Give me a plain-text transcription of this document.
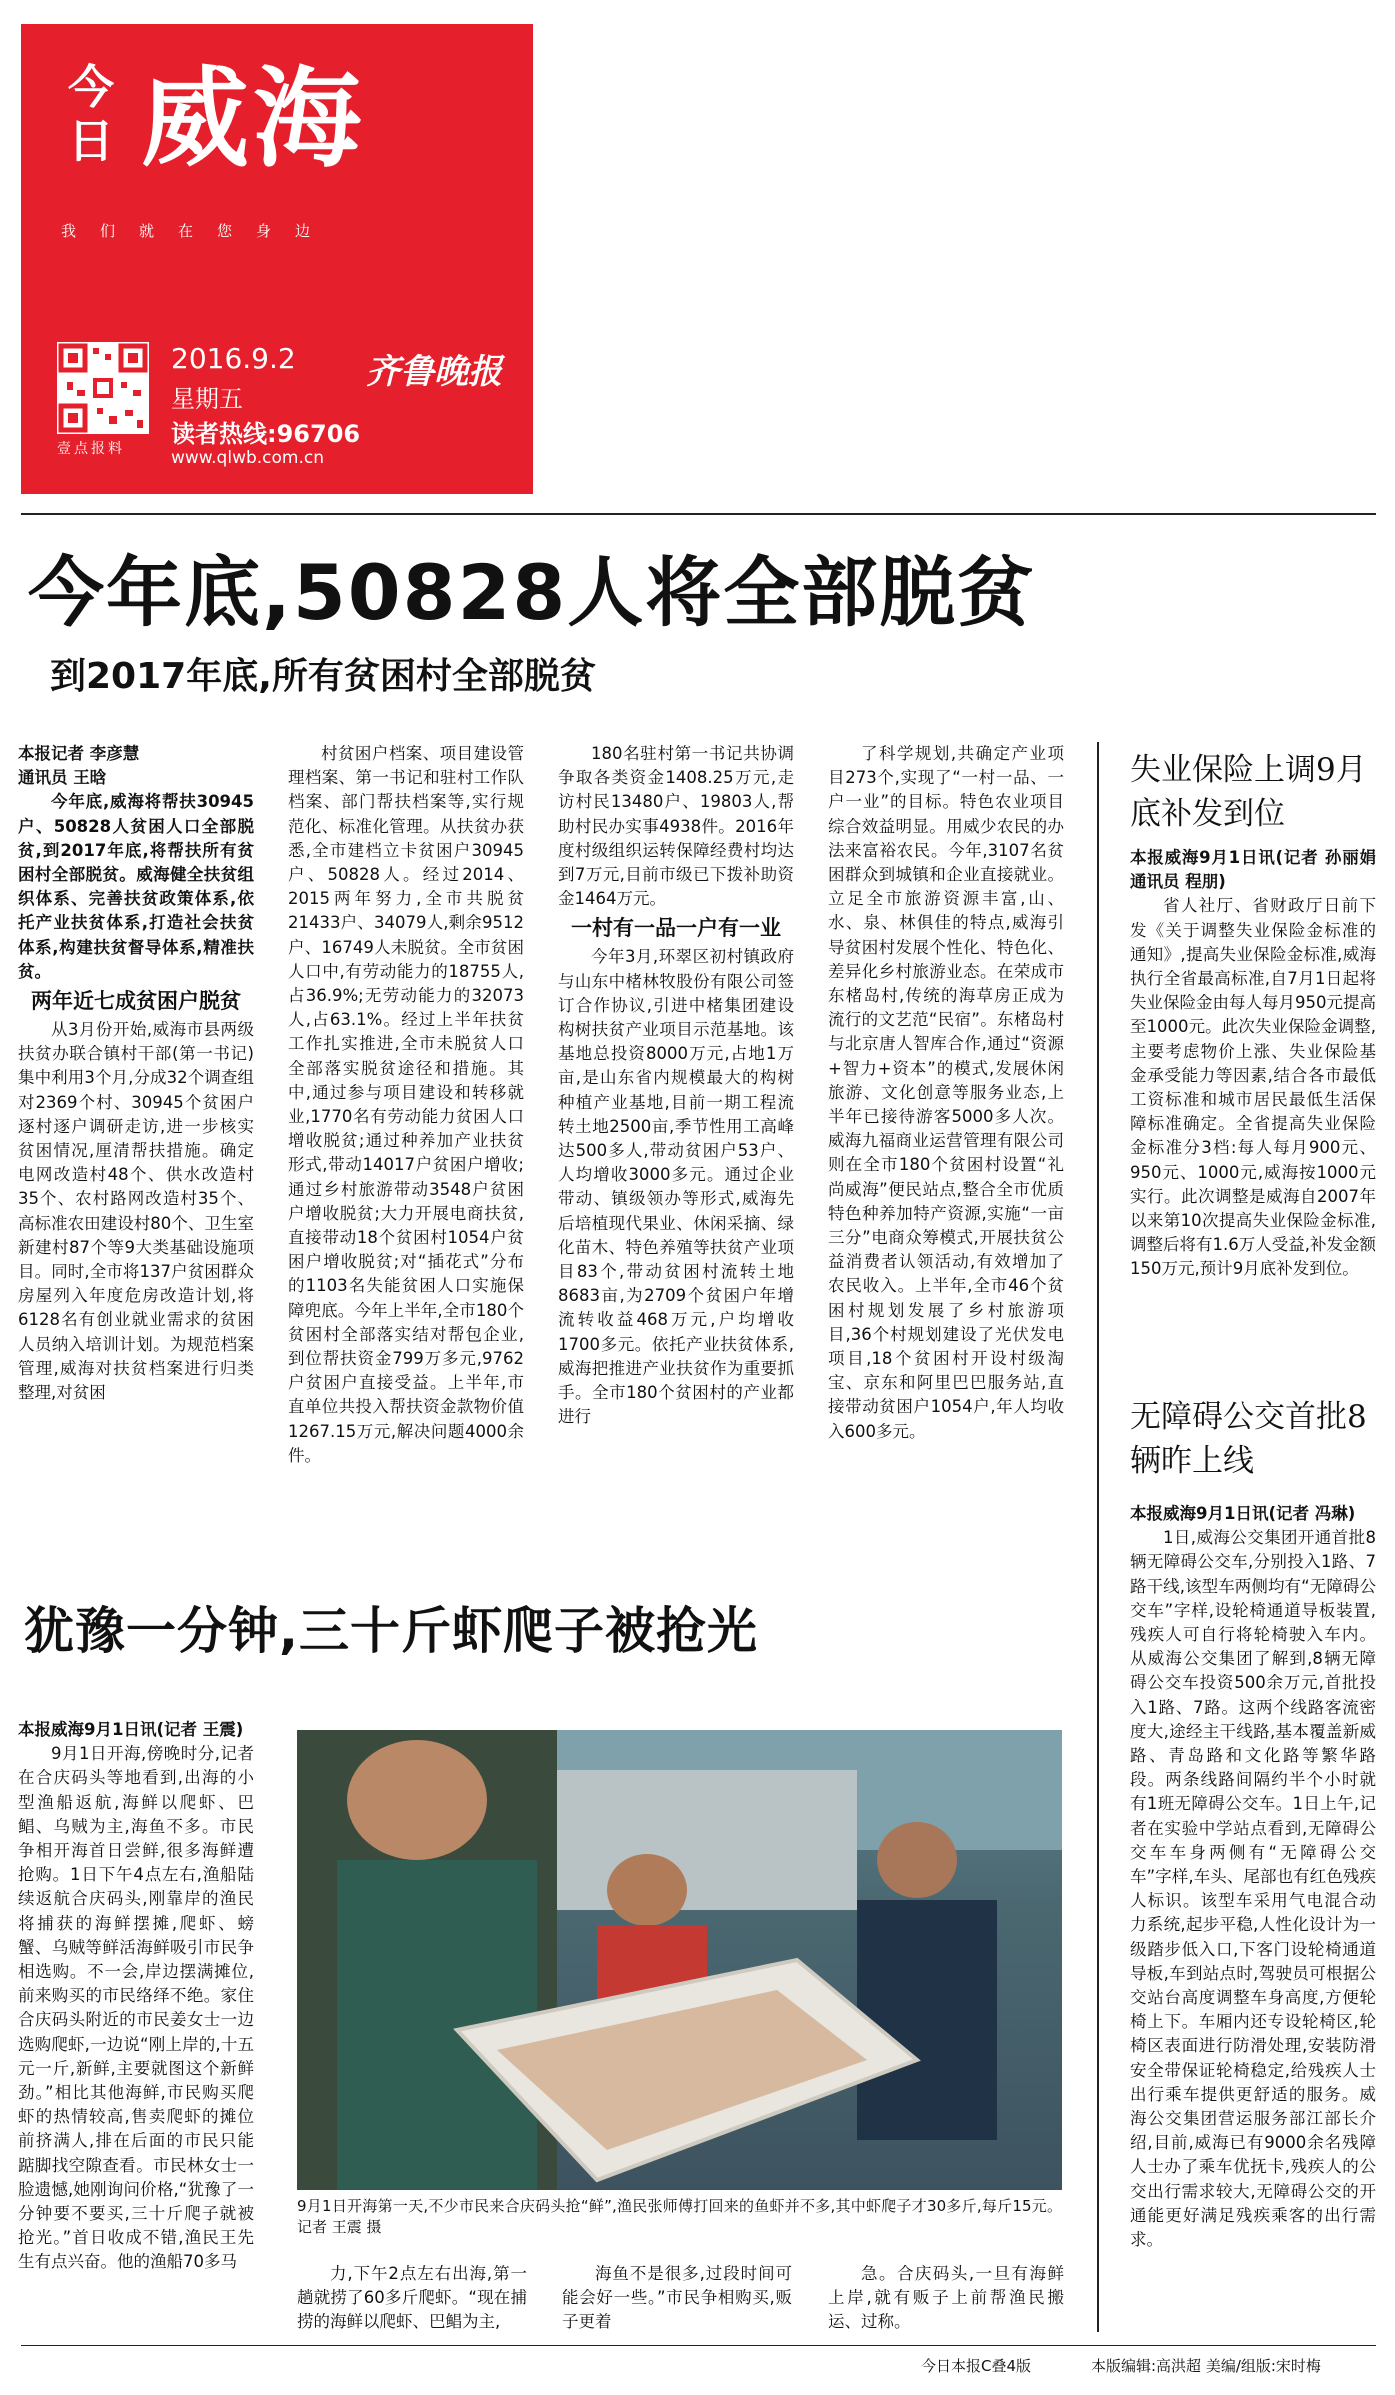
今日 威海
我们就在您身边
壹点报料
2016.9.2
星期五
读者热线:96706
www.qlwb.com.cn
齐鲁晚报
今年底,50828人将全部脱贫
到2017年底,所有贫困村全部脱贫

本报记者 李彦慧

通讯员 王晗

今年底,威海将帮扶30945户、50828人贫困人口全部脱贫,到2017年底,将帮扶所有贫困村全部脱贫。威海健全扶贫组织体系、完善扶贫政策体系,依托产业扶贫体系,打造社会扶贫体系,构建扶贫督导体系,精准扶贫。

两年近七成贫困户脱贫

从3月份开始,威海市县两级扶贫办联合镇村干部(第一书记)集中利用3个月,分成32个调查组对2369个村、30945个贫困户逐村逐户调研走访,进一步核实贫困情况,厘清帮扶措施。确定电网改造村48个、供水改造村35个、农村路网改造村35个、高标准农田建设村80个、卫生室新建村87个等9大类基础设施项目。同时,全市将137户贫困群众房屋列入年度危房改造计划,将6128名有创业就业需求的贫困人员纳入培训计划。为规范档案管理,威海对扶贫档案进行归类整理,对贫困

村贫困户档案、项目建设管理档案、第一书记和驻村工作队档案、部门帮扶档案等,实行规范化、标准化管理。从扶贫办获悉,全市建档立卡贫困户30945户、50828人。经过2014、2015两年努力,全市共脱贫21433户、34079人,剩余9512户、16749人未脱贫。全市贫困人口中,有劳动能力的18755人,占36.9%;无劳动能力的32073人,占63.1%。经过上半年扶贫工作扎实推进,全市未脱贫人口全部落实脱贫途径和措施。其中,通过参与项目建设和转移就业,1770名有劳动能力贫困人口增收脱贫;通过种养加产业扶贫形式,带动14017户贫困户增收;通过乡村旅游带动3548户贫困户增收脱贫;大力开展电商扶贫,直接带动18个贫困村1054户贫困户增收脱贫;对“插花式”分布的1103名失能贫困人口实施保障兜底。今年上半年,全市180个贫困村全部落实结对帮包企业,到位帮扶资金799万多元,9762户贫困户直接受益。上半年,市直单位共投入帮扶资金款物价值1267.15万元,解决问题4000余件。

180名驻村第一书记共协调争取各类资金1408.25万元,走访村民13480户、19803人,帮助村民办实事4938件。2016年度村级组织运转保障经费村均达到7万元,目前市级已下拨补助资金1464万元。

一村有一品一户有一业

今年3月,环翠区初村镇政府与山东中楮林牧股份有限公司签订合作协议,引进中楮集团建设构树扶贫产业项目示范基地。该基地总投资8000万元,占地1万亩,是山东省内规模最大的构树种植产业基地,目前一期工程流转土地2500亩,季节性用工高峰达500多人,带动贫困户53户、人均增收3000多元。通过企业带动、镇级领办等形式,威海先后培植现代果业、休闲采摘、绿化苗木、特色养殖等扶贫产业项目83个,带动贫困村流转土地8683亩,为2709个贫困户年增流转收益468万元,户均增收1700多元。依托产业扶贫体系,威海把推进产业扶贫作为重要抓手。全市180个贫困村的产业都进行

了科学规划,共确定产业项目273个,实现了“一村一品、一户一业”的目标。特色农业项目综合效益明显。用威少农民的办法来富裕农民。今年,3107名贫困群众到城镇和企业直接就业。立足全市旅游资源丰富,山、水、泉、林俱佳的特点,威海引导贫困村发展个性化、特色化、差异化乡村旅游业态。在荣成市东楮岛村,传统的海草房正成为流行的文艺范“民宿”。东楮岛村与北京唐人智库合作,通过“资源+智力+资本”的模式,发展休闲旅游、文化创意等服务业态,上半年已接待游客5000多人次。威海九福商业运营管理有限公司则在全市180个贫困村设置“礼尚威海”便民站点,整合全市优质特色种养加特产资源,实施“一亩三分”电商众筹模式,开展扶贫公益消费者认领活动,有效增加了农民收入。上半年,全市46个贫困村规划发展了乡村旅游项目,36个村规划建设了光伏发电项目,18个贫困村开设村级淘宝、京东和阿里巴巴服务站,直接带动贫困户1054户,年人均收入600多元。

失业保险上调9月底补发到位

本报威海9月1日讯(记者 孙丽娟 通讯员 程朋)

省人社厅、省财政厅日前下发《关于调整失业保险金标准的通知》,提高失业保险金标准,威海执行全省最高标准,自7月1日起将失业保险金由每人每月950元提高至1000元。此次失业保险金调整,主要考虑物价上涨、失业保险基金承受能力等因素,结合各市最低工资标准和城市居民最低生活保障标准确定。全省提高失业保险金标准分3档:每人每月900元、950元、1000元,威海按1000元实行。此次调整是威海自2007年以来第10次提高失业保险金标准,调整后将有1.6万人受益,补发金额150万元,预计9月底补发到位。

无障碍公交首批8辆昨上线

本报威海9月1日讯(记者 冯琳)

1日,威海公交集团开通首批8辆无障碍公交车,分别投入1路、7路干线,该型车两侧均有“无障碍公交车”字样,设轮椅通道导板装置,残疾人可自行将轮椅驶入车内。从威海公交集团了解到,8辆无障碍公交车投资500余万元,首批投入1路、7路。这两个线路客流密度大,途经主干线路,基本覆盖新威路、青岛路和文化路等繁华路段。两条线路间隔约半个小时就有1班无障碍公交车。1日上午,记者在实验中学站点看到,无障碍公交车车身两侧有“无障碍公交车”字样,车头、尾部也有红色残疾人标识。该型车采用气电混合动力系统,起步平稳,人性化设计为一级踏步低入口,下客门设轮椅通道导板,车到站点时,驾驶员可根据公交站台高度调整车身高度,方便轮椅上下。车厢内还专设轮椅区,轮椅区表面进行防滑处理,安装防滑安全带保证轮椅稳定,给残疾人士出行乘车提供更舒适的服务。威海公交集团营运服务部江部长介绍,目前,威海已有9000余名残障人士办了乘车优抚卡,残疾人的公交出行需求较大,无障碍公交的开通能更好满足残疾乘客的出行需求。

犹豫一分钟,三十斤虾爬子被抢光

本报威海9月1日讯(记者 王震)

9月1日开海,傍晚时分,记者在合庆码头等地看到,出海的小型渔船返航,海鲜以爬虾、巴鲳、乌贼为主,海鱼不多。市民争相开海首日尝鲜,很多海鲜遭抢购。1日下午4点左右,渔船陆续返航合庆码头,刚靠岸的渔民将捕获的海鲜摆摊,爬虾、螃蟹、乌贼等鲜活海鲜吸引市民争相选购。不一会,岸边摆满摊位,前来购买的市民络绎不绝。家住合庆码头附近的市民姜女士一边选购爬虾,一边说“刚上岸的,十五元一斤,新鲜,主要就图这个新鲜劲。”相比其他海鲜,市民购买爬虾的热情较高,售卖爬虾的摊位前挤满人,排在后面的市民只能踮脚找空隙查看。市民林女士一脸遗憾,她刚询问价格,“犹豫了一分钟要不要买,三十斤爬子就被抢光。”首日收成不错,渔民王先生有点兴奋。他的渔船70多马

9月1日开海第一天,不少市民来合庆码头抢“鲜”,渔民张师傅打回来的鱼虾并不多,其中虾爬子才30多斤,每斤15元。 记者 王震 摄

力,下午2点左右出海,第一趟就捞了60多斤爬虾。“现在捕捞的海鲜以爬虾、巴鲳为主,

海鱼不是很多,过段时间可能会好一些。”市民争相购买,贩子更着

急。合庆码头,一旦有海鲜上岸,就有贩子上前帮渔民搬运、过称。

今日本报C叠4版	本版编辑:高洪超 美编/组版:宋时梅
